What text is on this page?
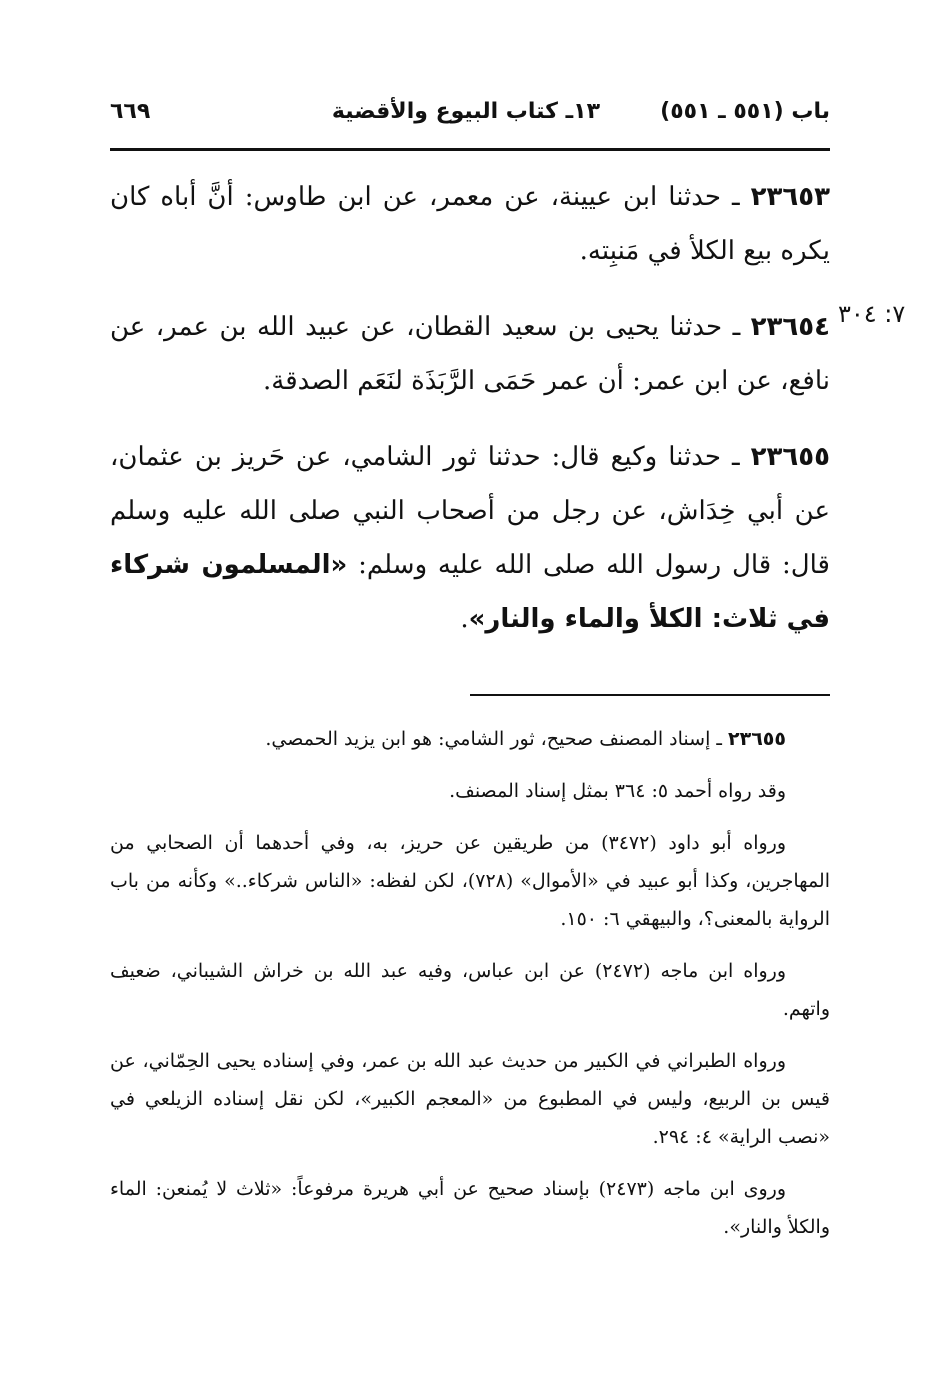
باب (٥٥١ ـ ٥٥١)
١٣ـ كتاب البيوع والأقضية
٦٦٩
٧: ٣٠٤

٢٣٦٥٣ ـ حدثنا ابن عيينة، عن معمر، عن ابن طاوس: أنَّ أباه كان يكره بيع الكلأ في مَنبِته.

٢٣٦٥٤ ـ حدثنا يحيى بن سعيد القطان، عن عبيد الله بن عمر، عن نافع، عن ابن عمر: أن عمر حَمَى الرَّبَذَة لنَعَم الصدقة.

٢٣٦٥٥ ـ حدثنا وكيع قال: حدثنا ثور الشامي، عن حَريز بن عثمان، عن أبي خِدَاش، عن رجل من أصحاب النبي صلى الله عليه وسلم قال: قال رسول الله صلى الله عليه وسلم: «المسلمون شركاء في ثلاث: الكلأ والماء والنار».

٢٣٦٥٥ ـ إسناد المصنف صحيح، ثور الشامي: هو ابن يزيد الحمصي.

وقد رواه أحمد ٥: ٣٦٤ بمثل إسناد المصنف.

ورواه أبو داود (٣٤٧٢) من طريقين عن حريز، به، وفي أحدهما أن الصحابي من المهاجرين، وكذا أبو عبيد في «الأموال» (٧٢٨)، لكن لفظه: «الناس شركاء..» وكأنه من باب الرواية بالمعنى؟، والبيهقي ٦: ١٥٠.

ورواه ابن ماجه (٢٤٧٢) عن ابن عباس، وفيه عبد الله بن خراش الشيباني، ضعيف واتهم.

ورواه الطبراني في الكبير من حديث عبد الله بن عمر، وفي إسناده يحيى الحِمّاني، عن قيس بن الربيع، وليس في المطبوع من «المعجم الكبير»، لكن نقل إسناده الزيلعي في «نصب الراية» ٤: ٢٩٤.

وروى ابن ماجه (٢٤٧٣) بإسناد صحيح عن أبي هريرة مرفوعاً: «ثلاث لا يُمنعن: الماء والكلأ والنار».
